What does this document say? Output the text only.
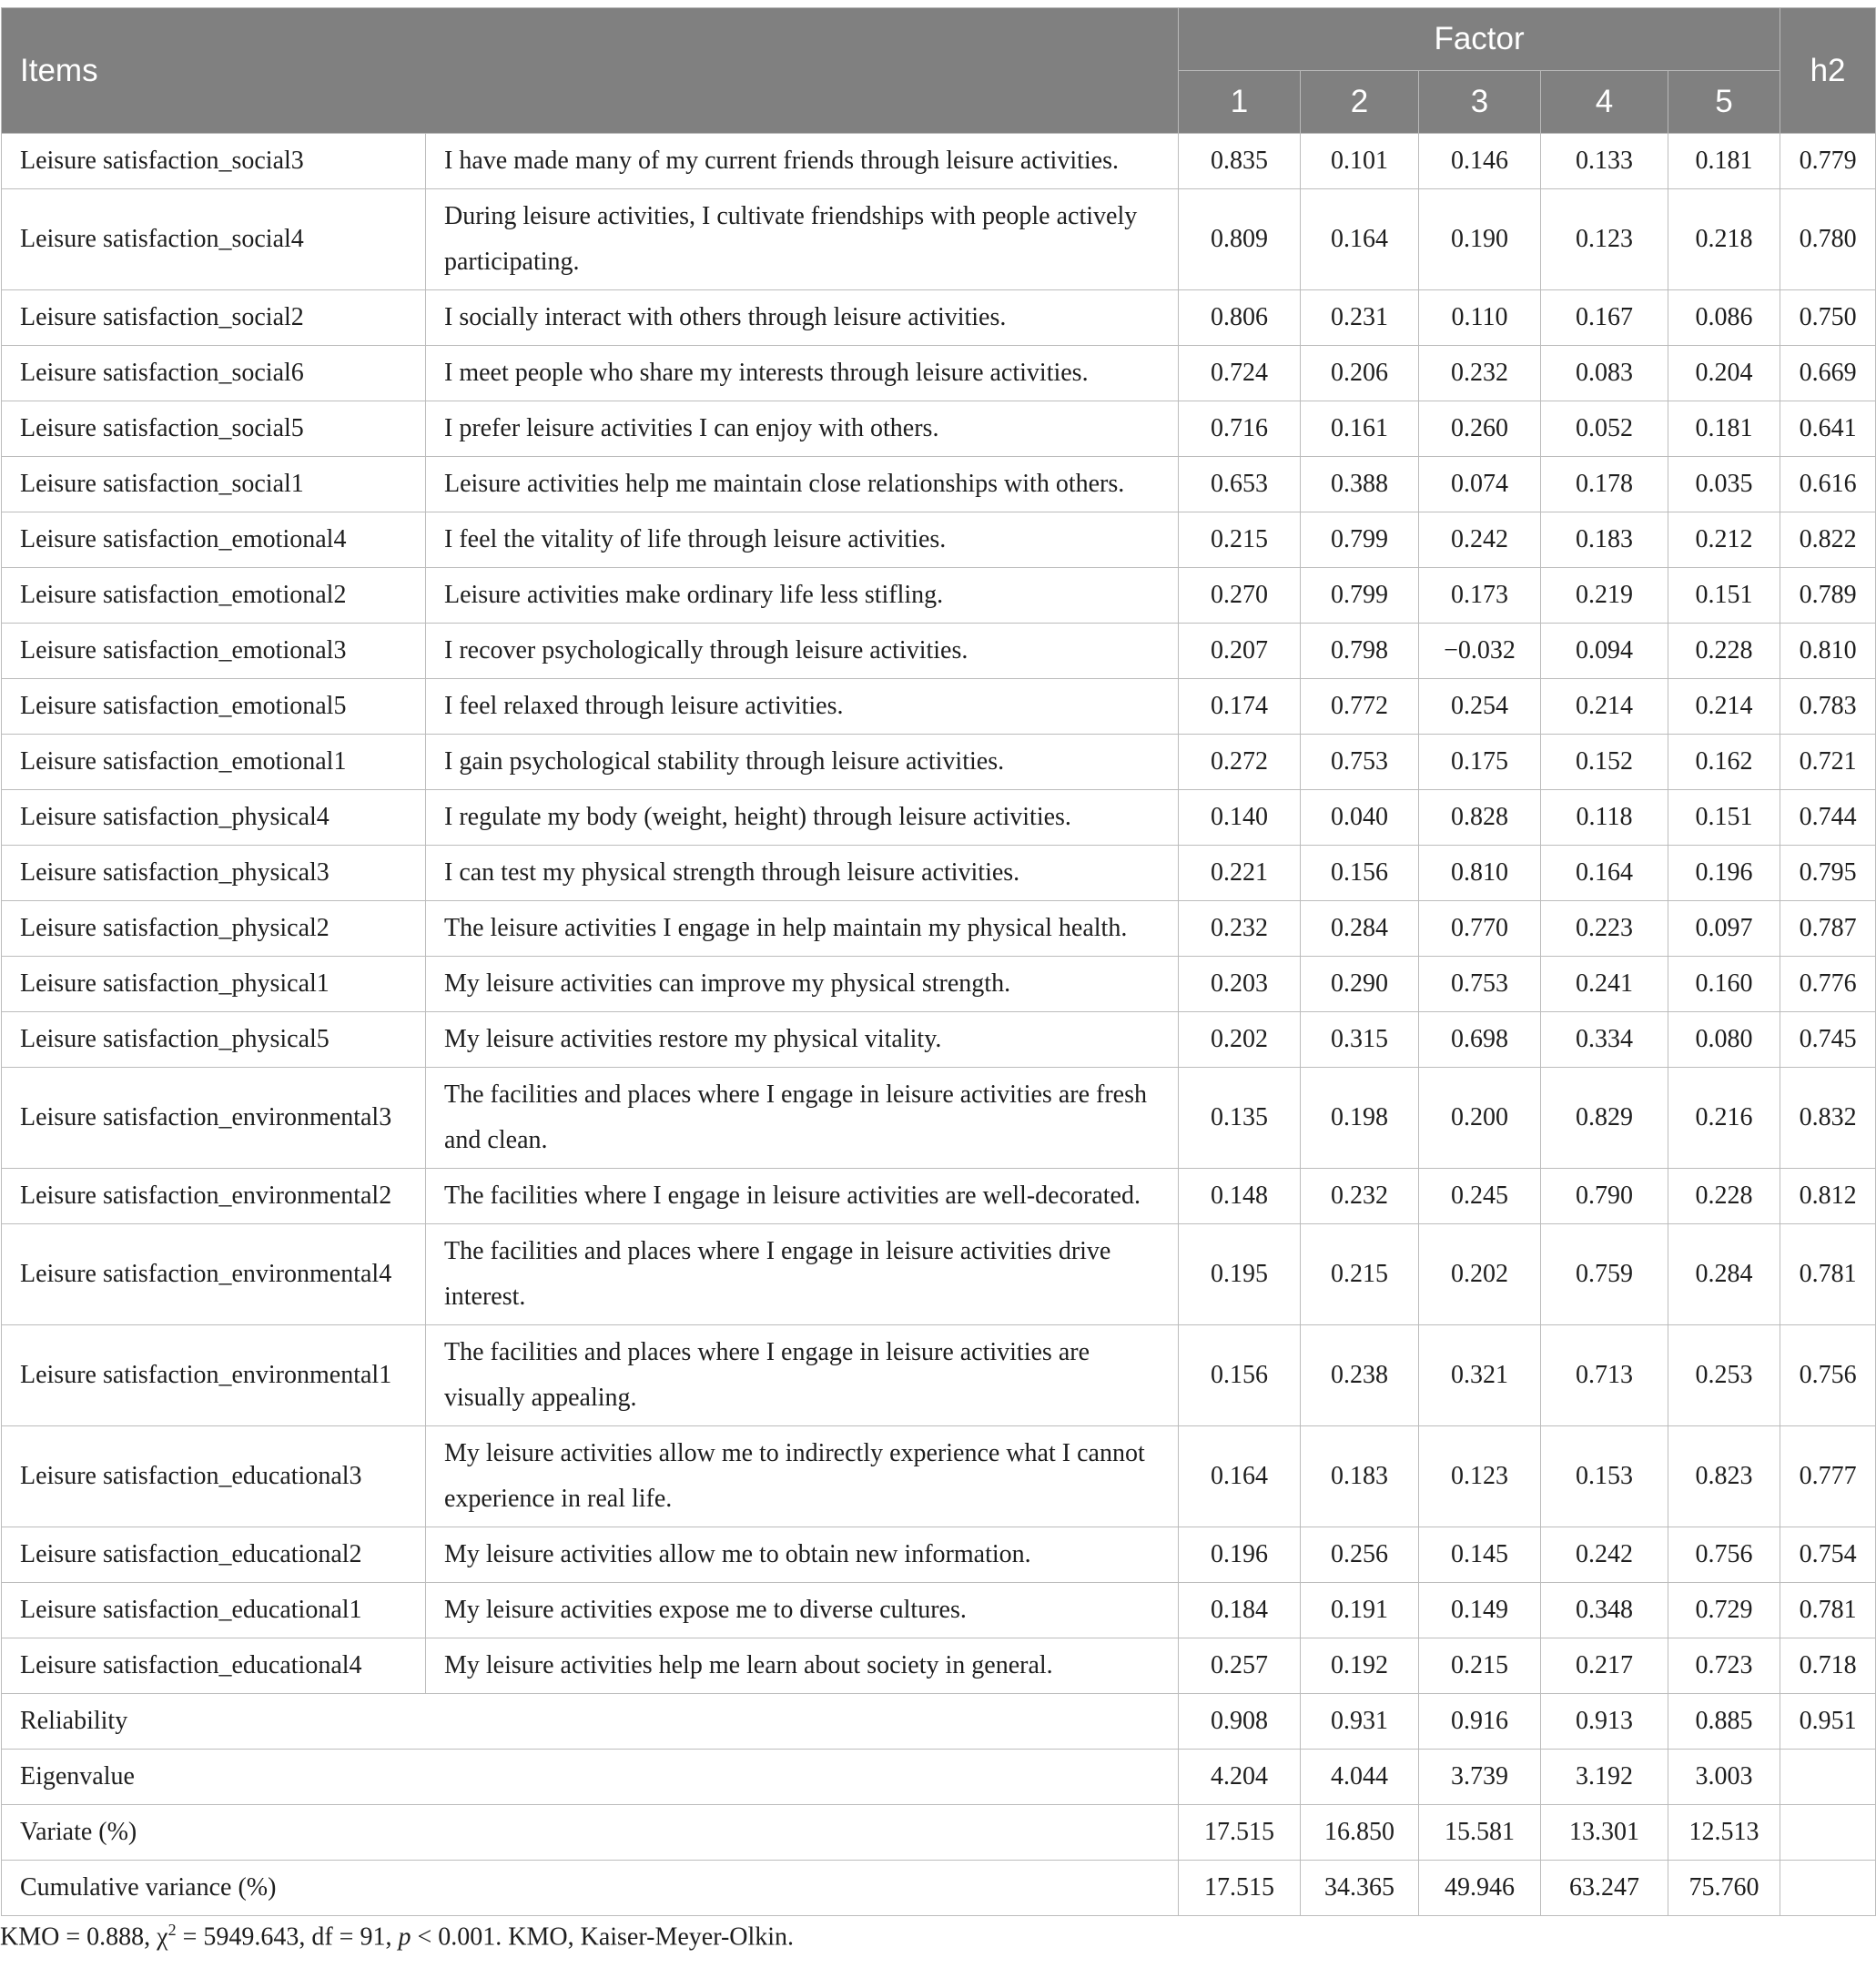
Items		Factor					h2
		1	2	3	4	5	
Leisure satisfaction_social3	I have made many of my current friends through leisure activities.	0.835	0.101	0.146	0.133	0.181	0.779
Leisure satisfaction_social4	During leisure activities, I cultivate friendships with people actively participating.	0.809	0.164	0.190	0.123	0.218	0.780
Leisure satisfaction_social2	I socially interact with others through leisure activities.	0.806	0.231	0.110	0.167	0.086	0.750
Leisure satisfaction_social6	I meet people who share my interests through leisure activities.	0.724	0.206	0.232	0.083	0.204	0.669
Leisure satisfaction_social5	I prefer leisure activities I can enjoy with others.	0.716	0.161	0.260	0.052	0.181	0.641
Leisure satisfaction_social1	Leisure activities help me maintain close relationships with others.	0.653	0.388	0.074	0.178	0.035	0.616
Leisure satisfaction_emotional4	I feel the vitality of life through leisure activities.	0.215	0.799	0.242	0.183	0.212	0.822
Leisure satisfaction_emotional2	Leisure activities make ordinary life less stifling.	0.270	0.799	0.173	0.219	0.151	0.789
Leisure satisfaction_emotional3	I recover psychologically through leisure activities.	0.207	0.798	−0.032	0.094	0.228	0.810
Leisure satisfaction_emotional5	I feel relaxed through leisure activities.	0.174	0.772	0.254	0.214	0.214	0.783
Leisure satisfaction_emotional1	I gain psychological stability through leisure activities.	0.272	0.753	0.175	0.152	0.162	0.721
Leisure satisfaction_physical4	I regulate my body (weight, height) through leisure activities.	0.140	0.040	0.828	0.118	0.151	0.744
Leisure satisfaction_physical3	I can test my physical strength through leisure activities.	0.221	0.156	0.810	0.164	0.196	0.795
Leisure satisfaction_physical2	The leisure activities I engage in help maintain my physical health.	0.232	0.284	0.770	0.223	0.097	0.787
Leisure satisfaction_physical1	My leisure activities can improve my physical strength.	0.203	0.290	0.753	0.241	0.160	0.776
Leisure satisfaction_physical5	My leisure activities restore my physical vitality.	0.202	0.315	0.698	0.334	0.080	0.745
Leisure satisfaction_environmental3	The facilities and places where I engage in leisure activities are fresh and clean.	0.135	0.198	0.200	0.829	0.216	0.832
Leisure satisfaction_environmental2	The facilities where I engage in leisure activities are well-decorated.	0.148	0.232	0.245	0.790	0.228	0.812
Leisure satisfaction_environmental4	The facilities and places where I engage in leisure activities drive interest.	0.195	0.215	0.202	0.759	0.284	0.781
Leisure satisfaction_environmental1	The facilities and places where I engage in leisure activities are visually appealing.	0.156	0.238	0.321	0.713	0.253	0.756
Leisure satisfaction_educational3	My leisure activities allow me to indirectly experience what I cannot experience in real life.	0.164	0.183	0.123	0.153	0.823	0.777
Leisure satisfaction_educational2	My leisure activities allow me to obtain new information.	0.196	0.256	0.145	0.242	0.756	0.754
Leisure satisfaction_educational1	My leisure activities expose me to diverse cultures.	0.184	0.191	0.149	0.348	0.729	0.781
Leisure satisfaction_educational4	My leisure activities help me learn about society in general.	0.257	0.192	0.215	0.217	0.723	0.718
Reliability		0.908	0.931	0.916	0.913	0.885	0.951
Eigenvalue		4.204	4.044	3.739	3.192	3.003	
Variate (%)		17.515	16.850	15.581	13.301	12.513	
Cumulative variance (%)		17.515	34.365	49.946	63.247	75.760	
KMO = 0.888, $\chi^2 = 5949.643$, df = 91, p < 0.001. KMO, Kaiser-Meyer-Olkin.
